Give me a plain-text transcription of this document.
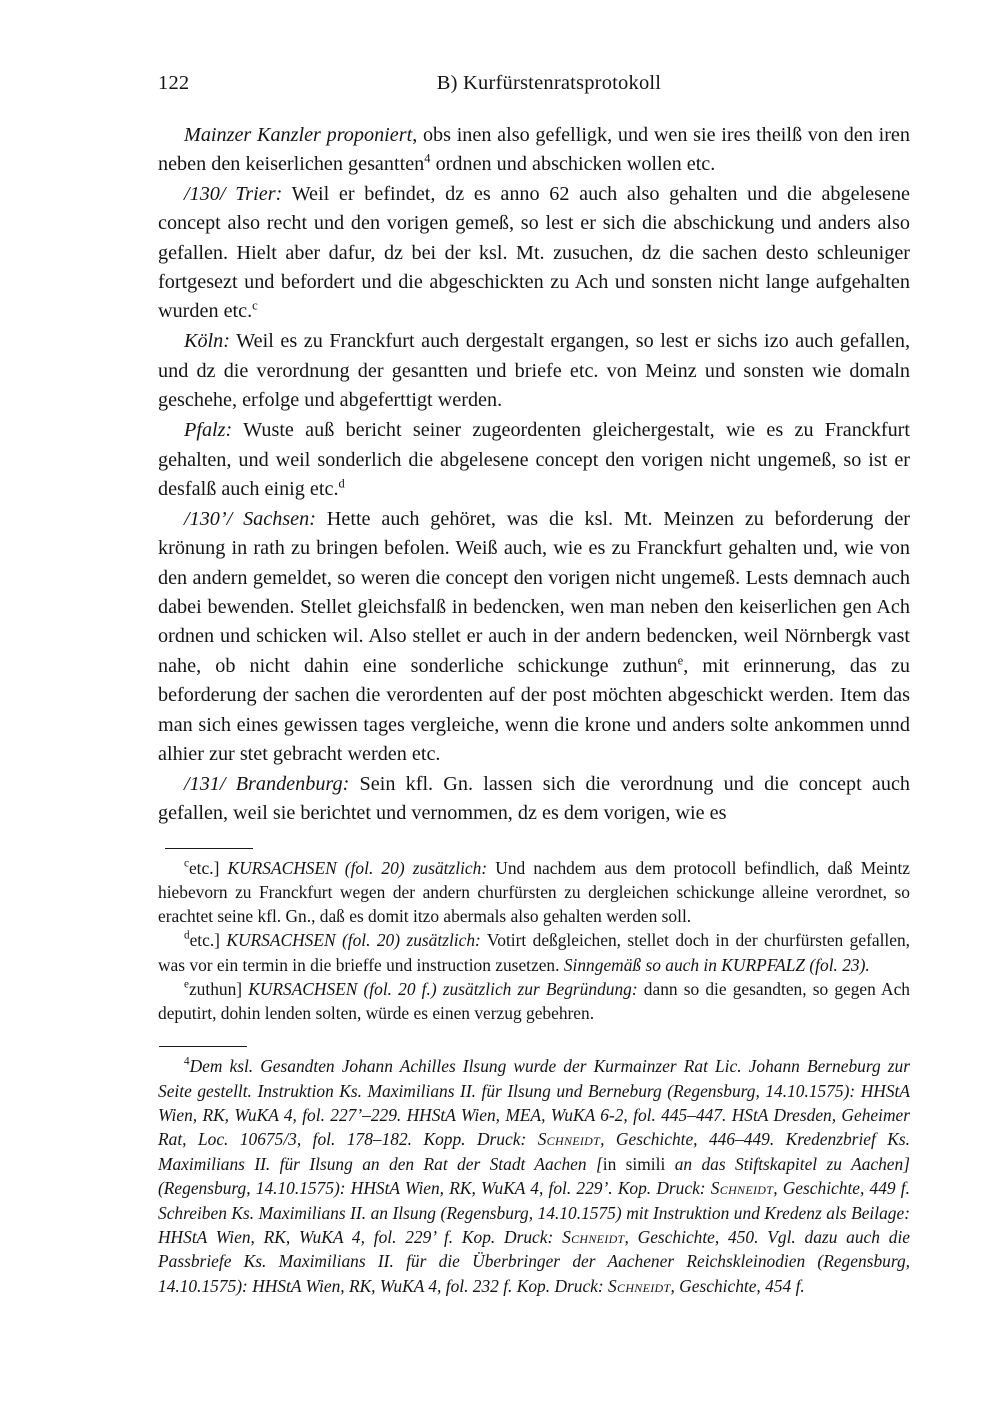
122	B) Kurfürstenratsprotokoll

Mainzer Kanzler proponiert, obs inen also gefelligk, und wen sie ires theilß von den iren neben den keiserlichen gesantten$^4$ ordnen und abschicken wollen etc.

/130/ Trier: Weil er befindet, dz es anno 62 auch also gehalten und die abgelesene concept also recht und den vorigen gemeß, so lest er sich die abschickung und anders also gefallen. Hielt aber dafur, dz bei der ksl. Mt. zusuchen, dz die sachen desto schleuniger fortgesezt und befordert und die abgeschickten zu Ach und sonsten nicht lange aufgehalten wurden etc.$^c$

Köln: Weil es zu Franckfurt auch dergestalt ergangen, so lest er sichs izo auch gefallen, und dz die verordnung der gesantten und briefe etc. von Meinz und sonsten wie domaln geschehe, erfolge und abgeferttigt werden.

Pfalz: Wuste auß bericht seiner zugeordenten gleichergestalt, wie es zu Franckfurt gehalten, und weil sonderlich die abgelesene concept den vorigen nicht ungemeß, so ist er desfalß auch einig etc.$^d$

/130’/ Sachsen: Hette auch gehöret, was die ksl. Mt. Meinzen zu beforderung der krönung in rath zu bringen befolen. Weiß auch, wie es zu Franckfurt gehalten und, wie von den andern gemeldet, so weren die concept den vorigen nicht ungemeß. Lests demnach auch dabei bewenden. Stellet gleichsfalß in bedencken, wen man neben den keiserlichen gen Ach ordnen und schicken wil. Also stellet er auch in der andern bedencken, weil Nörnbergk vast nahe, ob nicht dahin eine sonderliche schickunge zuthun$^e$, mit erinnerung, das zu beforderung der sachen die verordenten auf der post möchten abgeschickt werden. Item das man sich eines gewissen tages vergleiche, wenn die krone und anders solte ankommen unnd alhier zur stet gebracht werden etc.

/131/ Brandenburg: Sein kfl. Gn. lassen sich die verordnung und die concept auch gefallen, weil sie berichtet und vernommen, dz es dem vorigen, wie es

$^c$etc.] KURSACHSEN (fol. 20) zusätzlich: Und nachdem aus dem protocoll befindlich, daß Meintz hiebevorn zu Franckfurt wegen der andern churfürsten zu dergleichen schickunge alleine verordnet, so erachtet seine kfl. Gn., daß es domit itzo abermals also gehalten werden soll.

$^d$etc.] KURSACHSEN (fol. 20) zusätzlich: Votirt deßgleichen, stellet doch in der churfürsten gefallen, was vor ein termin in die brieffe und instruction zusetzen. Sinngemäß so auch in KURPFALZ (fol. 23).

$^e$zuthun] KURSACHSEN (fol. 20 f.) zusätzlich zur Begründung: dann so die gesandten, so gegen Ach deputirt, dohin lenden solten, würde es einen verzug gebehren.

$^4$Dem ksl. Gesandten Johann Achilles Ilsung wurde der Kurmainzer Rat Lic. Johann Berneburg zur Seite gestellt. Instruktion Ks. Maximilians II. für Ilsung und Berneburg (Regensburg, 14.10.1575): HHStA Wien, RK, WuKA 4, fol. 227’–229. HHStA Wien, MEA, WuKA 6-2, fol. 445–447. HStA Dresden, Geheimer Rat, Loc. 10675/3, fol. 178–182. Kopp. Druck: Schneidt, Geschichte, 446–449. Kredenzbrief Ks. Maximilians II. für Ilsung an den Rat der Stadt Aachen [in simili an das Stiftskapitel zu Aachen] (Regensburg, 14.10.1575): HHStA Wien, RK, WuKA 4, fol. 229’. Kop. Druck: Schneidt, Geschichte, 449 f. Schreiben Ks. Maximilians II. an Ilsung (Regensburg, 14.10.1575) mit Instruktion und Kredenz als Beilage: HHStA Wien, RK, WuKA 4, fol. 229’ f. Kop. Druck: Schneidt, Geschichte, 450. Vgl. dazu auch die Passbriefe Ks. Maximilians II. für die Überbringer der Aachener Reichskleinodien (Regensburg, 14.10.1575): HHStA Wien, RK, WuKA 4, fol. 232 f. Kop. Druck: Schneidt, Geschichte, 454 f.
